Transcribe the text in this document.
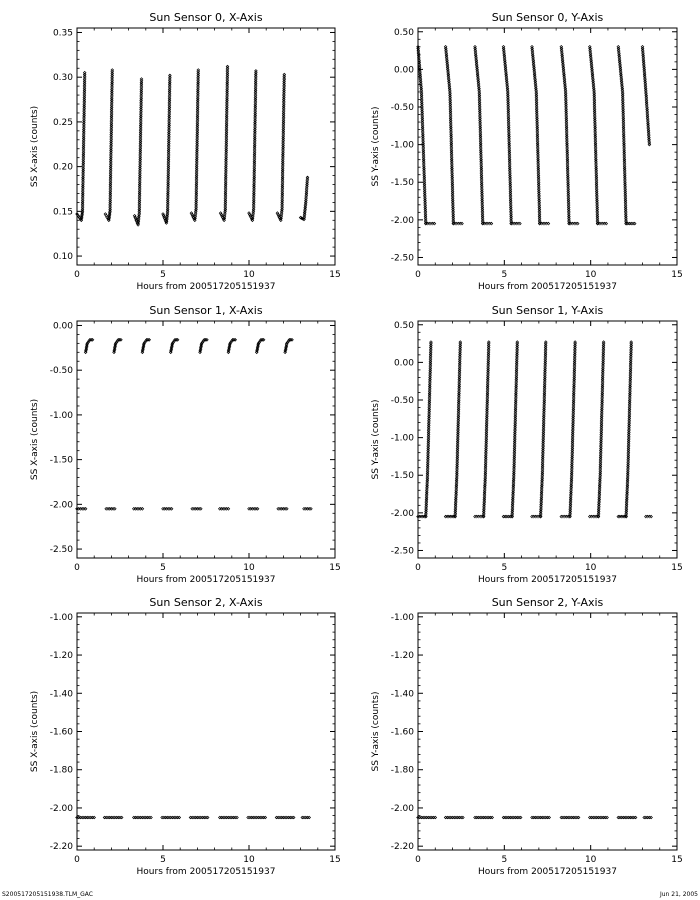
Sun Sensor 0, X-Axis
0	5	10	15
0.10
0.15
0.20
0.25
0.30
0.35
Hours from 200517205151937
SS X-axis (counts)
Sun Sensor 0, Y-Axis
0	5	10	15
-2.50
-2.00
-1.50
-1.00
-0.50
0.00
0.50
Hours from 200517205151937
SS Y-axis (counts)
Sun Sensor 1, X-Axis
0	5	10	15
-2.50
-2.00
-1.50
-1.00
-0.50
0.00
Hours from 200517205151937
SS X-axis (counts)
Sun Sensor 1, Y-Axis
0	5	10	15
-2.50
-2.00
-1.50
-1.00
-0.50
0.00
0.50
Hours from 200517205151937
SS Y-axis (counts)
Sun Sensor 2, X-Axis
0	5	10	15
-2.20
-2.00
-1.80
-1.60
-1.40
-1.20
-1.00
Hours from 200517205151937
SS X-axis (counts)
Sun Sensor 2, Y-Axis
0	5	10	15
-2.20
-2.00
-1.80
-1.60
-1.40
-1.20
-1.00
Hours from 200517205151937
SS Y-axis (counts)
S200517205151938.TLM_GAC	Jun 21, 2005
